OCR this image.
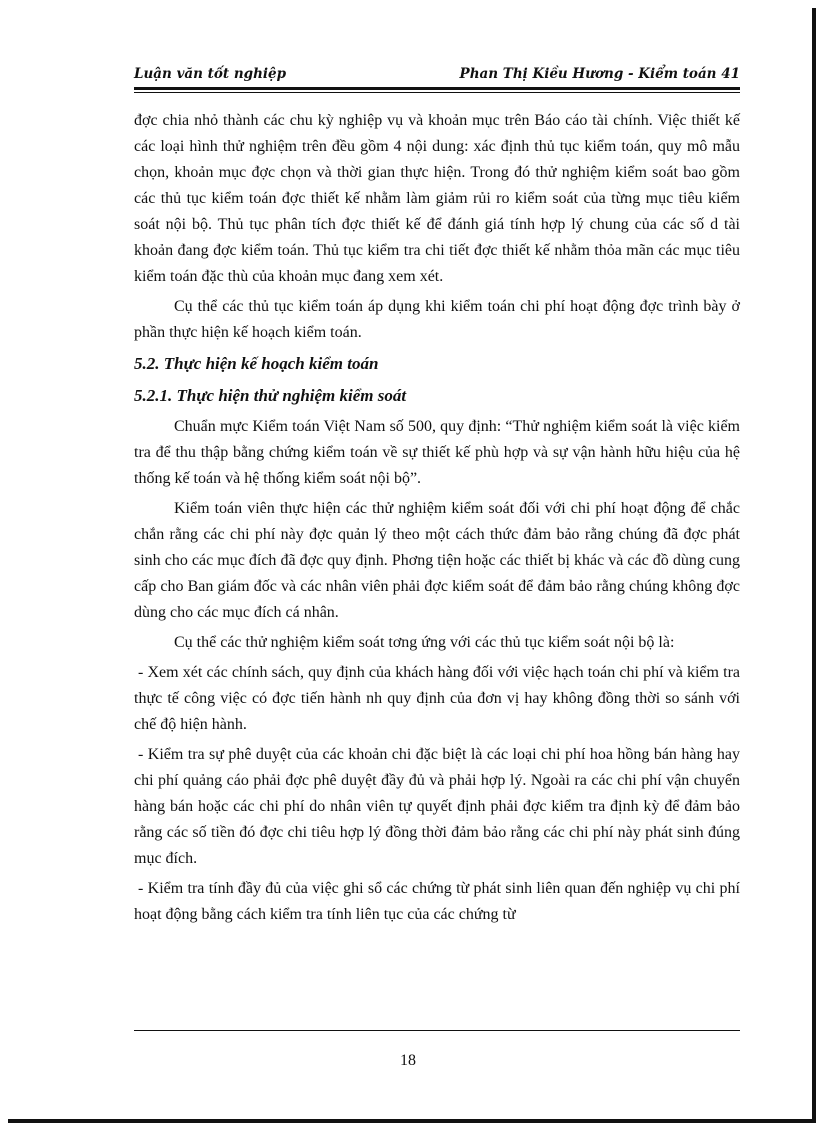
Luận văn tốt nghiệp	Phan Thị Kiều Hương - Kiểm toán 41

đợc chia nhỏ thành các chu kỳ nghiệp vụ và khoản mục trên Báo cáo tài chính. Việc thiết kế các loại hình thử nghiệm trên đều gồm 4 nội dung: xác định thủ tục kiểm toán, quy mô mẫu chọn, khoản mục đợc chọn và thời gian thực hiện. Trong đó thử nghiệm kiểm soát bao gồm các thủ tục kiểm toán đợc thiết kế nhằm làm giảm rủi ro kiểm soát của từng mục tiêu kiểm soát nội bộ. Thủ tục phân tích đợc thiết kế để đánh giá tính hợp lý chung của các số d tài khoản đang đợc kiểm toán. Thủ tục kiểm tra chi tiết đợc thiết kế nhằm thỏa mãn các mục tiêu kiểm toán đặc thù của khoản mục đang xem xét.

Cụ thể các thủ tục kiểm toán áp dụng khi kiểm toán chi phí hoạt động đợc trình bày ở phần thực hiện kế hoạch kiểm toán.

5.2. Thực hiện kế hoạch kiểm toán
5.2.1. Thực hiện thử nghiệm kiểm soát

Chuẩn mực Kiểm toán Việt Nam số 500, quy định: “Thử nghiệm kiểm soát là việc kiểm tra để thu thập bằng chứng kiểm toán về sự thiết kế phù hợp và sự vận hành hữu hiệu của hệ thống kế toán và hệ thống kiểm soát nội bộ”.

Kiểm toán viên thực hiện các thử nghiệm kiểm soát đối với chi phí hoạt động để chắc chắn rằng các chi phí này đợc quản lý theo một cách thức đảm bảo rằng chúng đã đợc phát sinh cho các mục đích đã đợc quy định. Phơng tiện hoặc các thiết bị khác và các đồ dùng cung cấp cho Ban giám đốc và các nhân viên phải đợc kiểm soát để đảm bảo rằng chúng không đợc dùng cho các mục đích cá nhân.

Cụ thể các thử nghiệm kiểm soát tơng ứng với các thủ tục kiểm soát nội bộ là:

- Xem xét các chính sách, quy định của khách hàng đối với việc hạch toán chi phí và kiểm tra thực tế công việc có đợc tiến hành nh quy định của đơn vị hay không đồng thời so sánh với chế độ hiện hành.

- Kiểm tra sự phê duyệt của các khoản chi đặc biệt là các loại chi phí hoa hồng bán hàng hay chi phí quảng cáo phải đợc phê duyệt đầy đủ và phải hợp lý. Ngoài ra các chi phí vận chuyển hàng bán hoặc các chi phí do nhân viên tự quyết định phải đợc kiểm tra định kỳ để đảm bảo rằng các số tiền đó đợc chi tiêu hợp lý đồng thời đảm bảo rằng các chi phí này phát sinh đúng mục đích.

- Kiểm tra tính đầy đủ của việc ghi sổ các chứng từ phát sinh liên quan đến nghiệp vụ chi phí hoạt động bằng cách kiểm tra tính liên tục của các chứng từ

18
